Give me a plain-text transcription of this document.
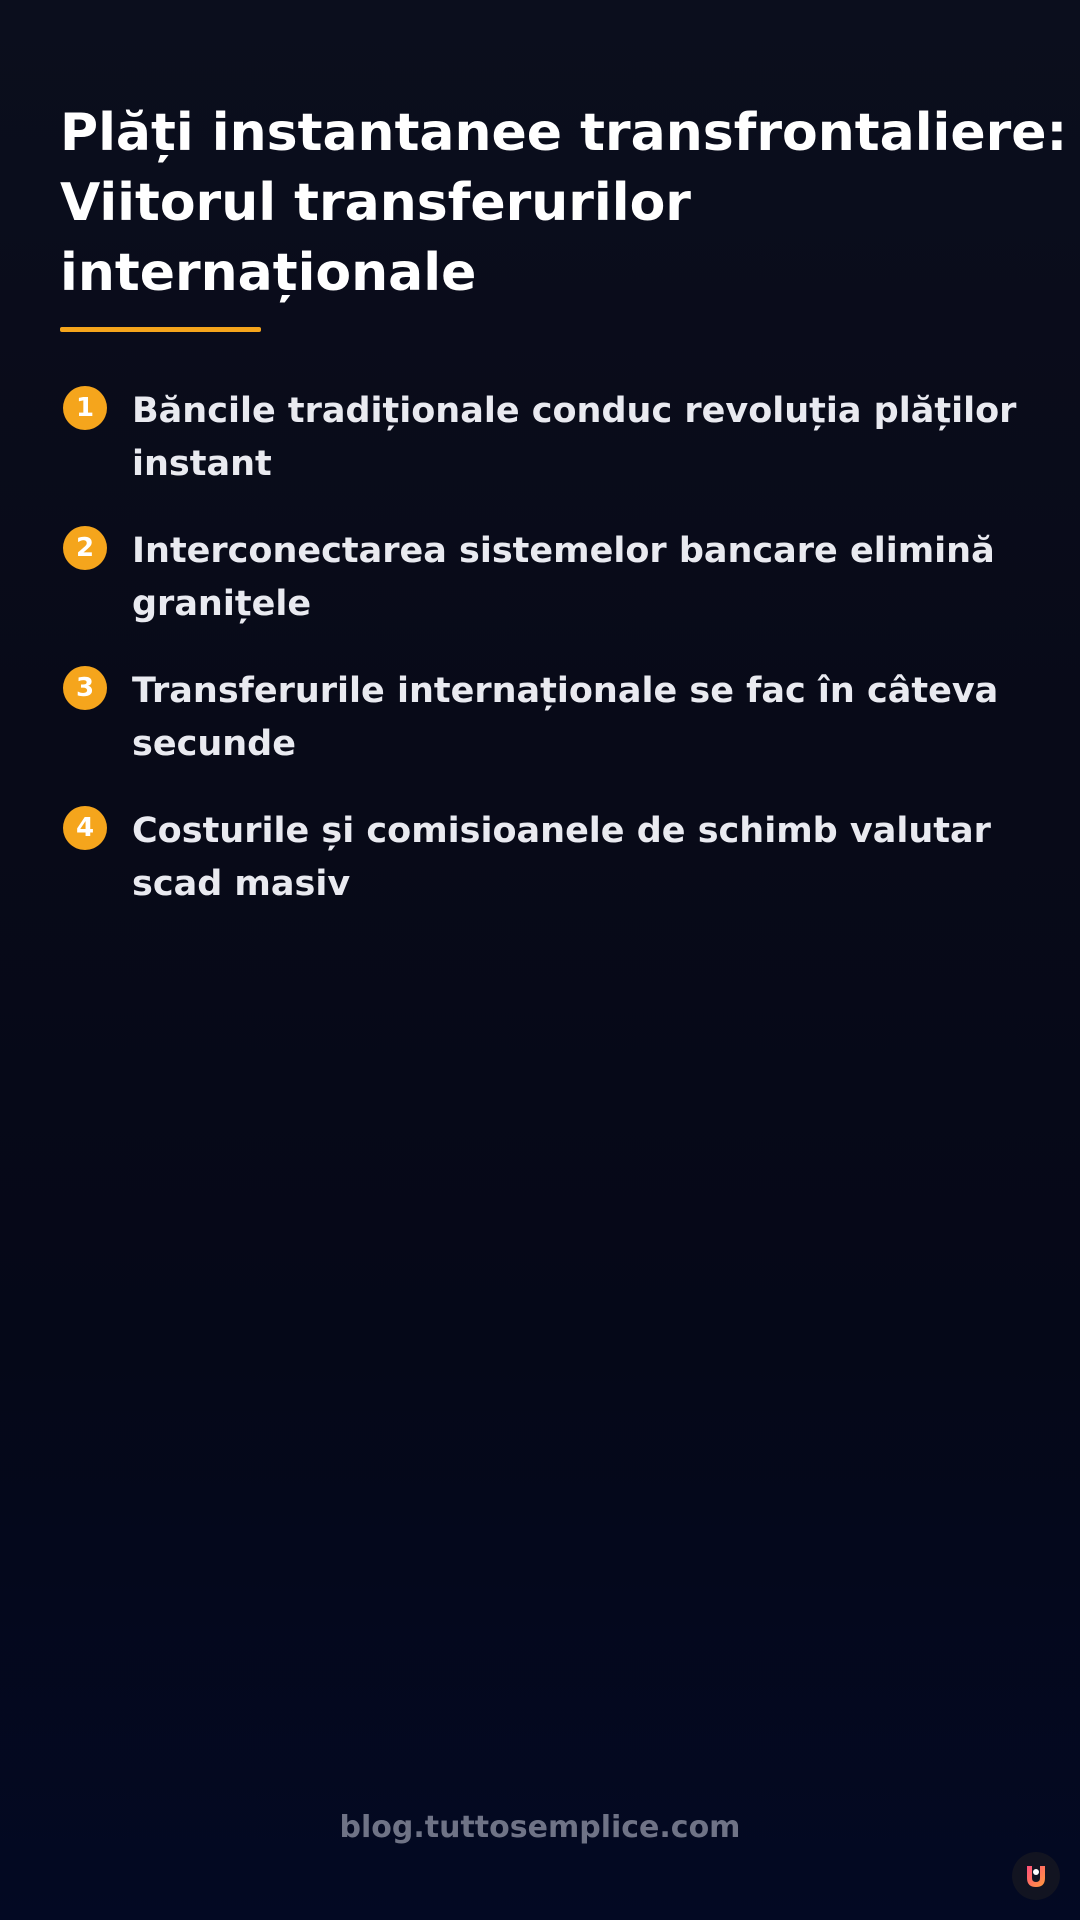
Plăți instantanee transfrontaliere:
Viitorul transferurilor
internaționale
1	Băncile tradiționale conduc revoluția plăților
instant
2	Interconectarea sistemelor bancare elimină
granițele
3	Transferurile internaționale se fac în câteva
secunde
4	Costurile și comisioanele de schimb valutar
scad masiv
blog.tuttosemplice.com
